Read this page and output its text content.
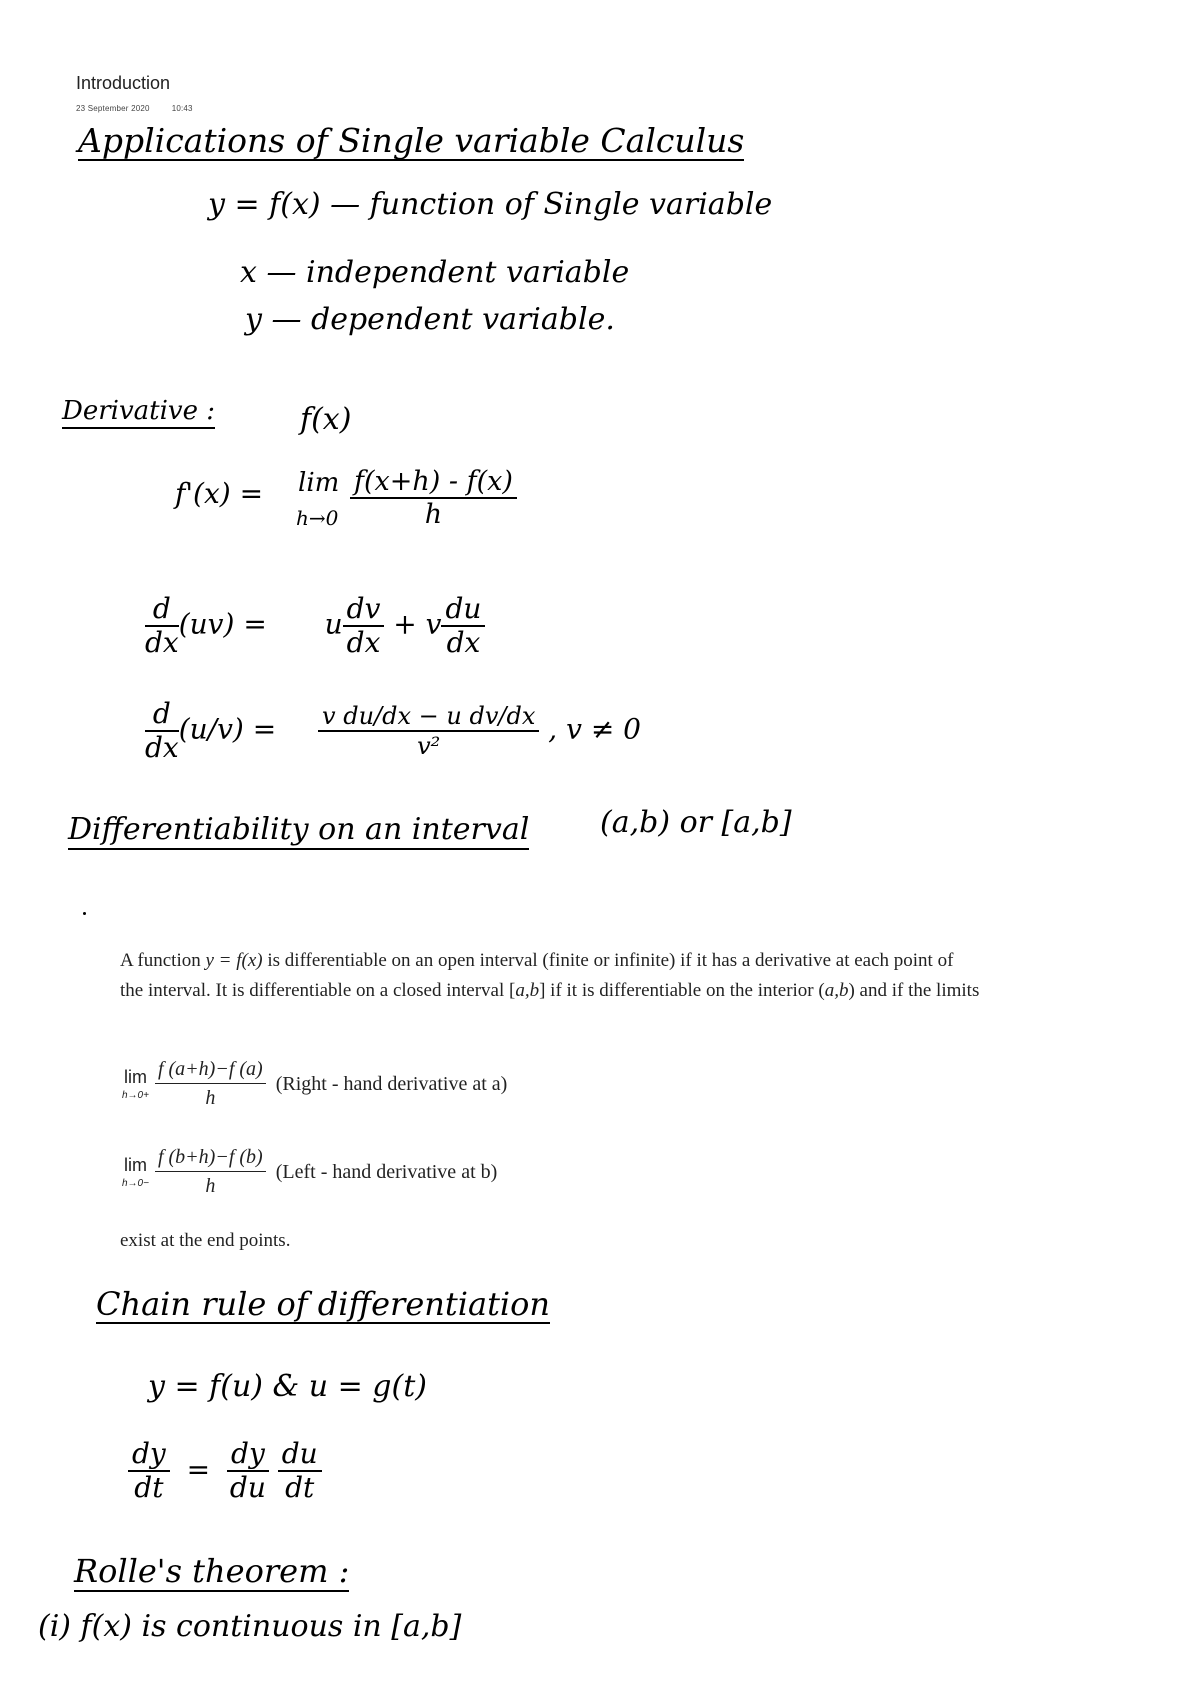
Introduction
23 September 2020	10:43
Applications of Single variable Calculus
y = f(x) — function of Single variable
x — independent variable
y — dependent variable.
Derivative :	f(x)
f'(x) = lim
$h\to 0 \frac{f(x+h) - f(x)}{h}$
$\frac{d}{dx} (uv) = u \frac{dv}{dx} + v \frac{du}{dx}$
$\frac{d}{dx} (u/v) = \frac{\text{v du/dx − u dv/dx}}{\text{v²}}$ , v ≠ 0
Differentiability on an interval (a,b) or [a,b]
A function y = f(x) is differentiable on an open interval (finite or infinite) if it has a derivative at each point of the interval. It is differentiable on a closed interval [a,b] if it is differentiable on the interior (a,b) and if the limits
lim
$h\to 0+ \frac{f (a+h)-f (a)}{h}$ (Right - hand derivative at a)
lim
$h\to 0- \frac{f (b+h)-f (b)}{h}$ (Left - hand derivative at b)
exist at the end points.
Chain rule of differentiation
y = f(u) & u = g(t)
$\frac{dy}{dt} = \frac{dy}{du}$
$\frac{du}{dt}$
Rolle's theorem :
(i) f(x) is continuous in [a,b]
